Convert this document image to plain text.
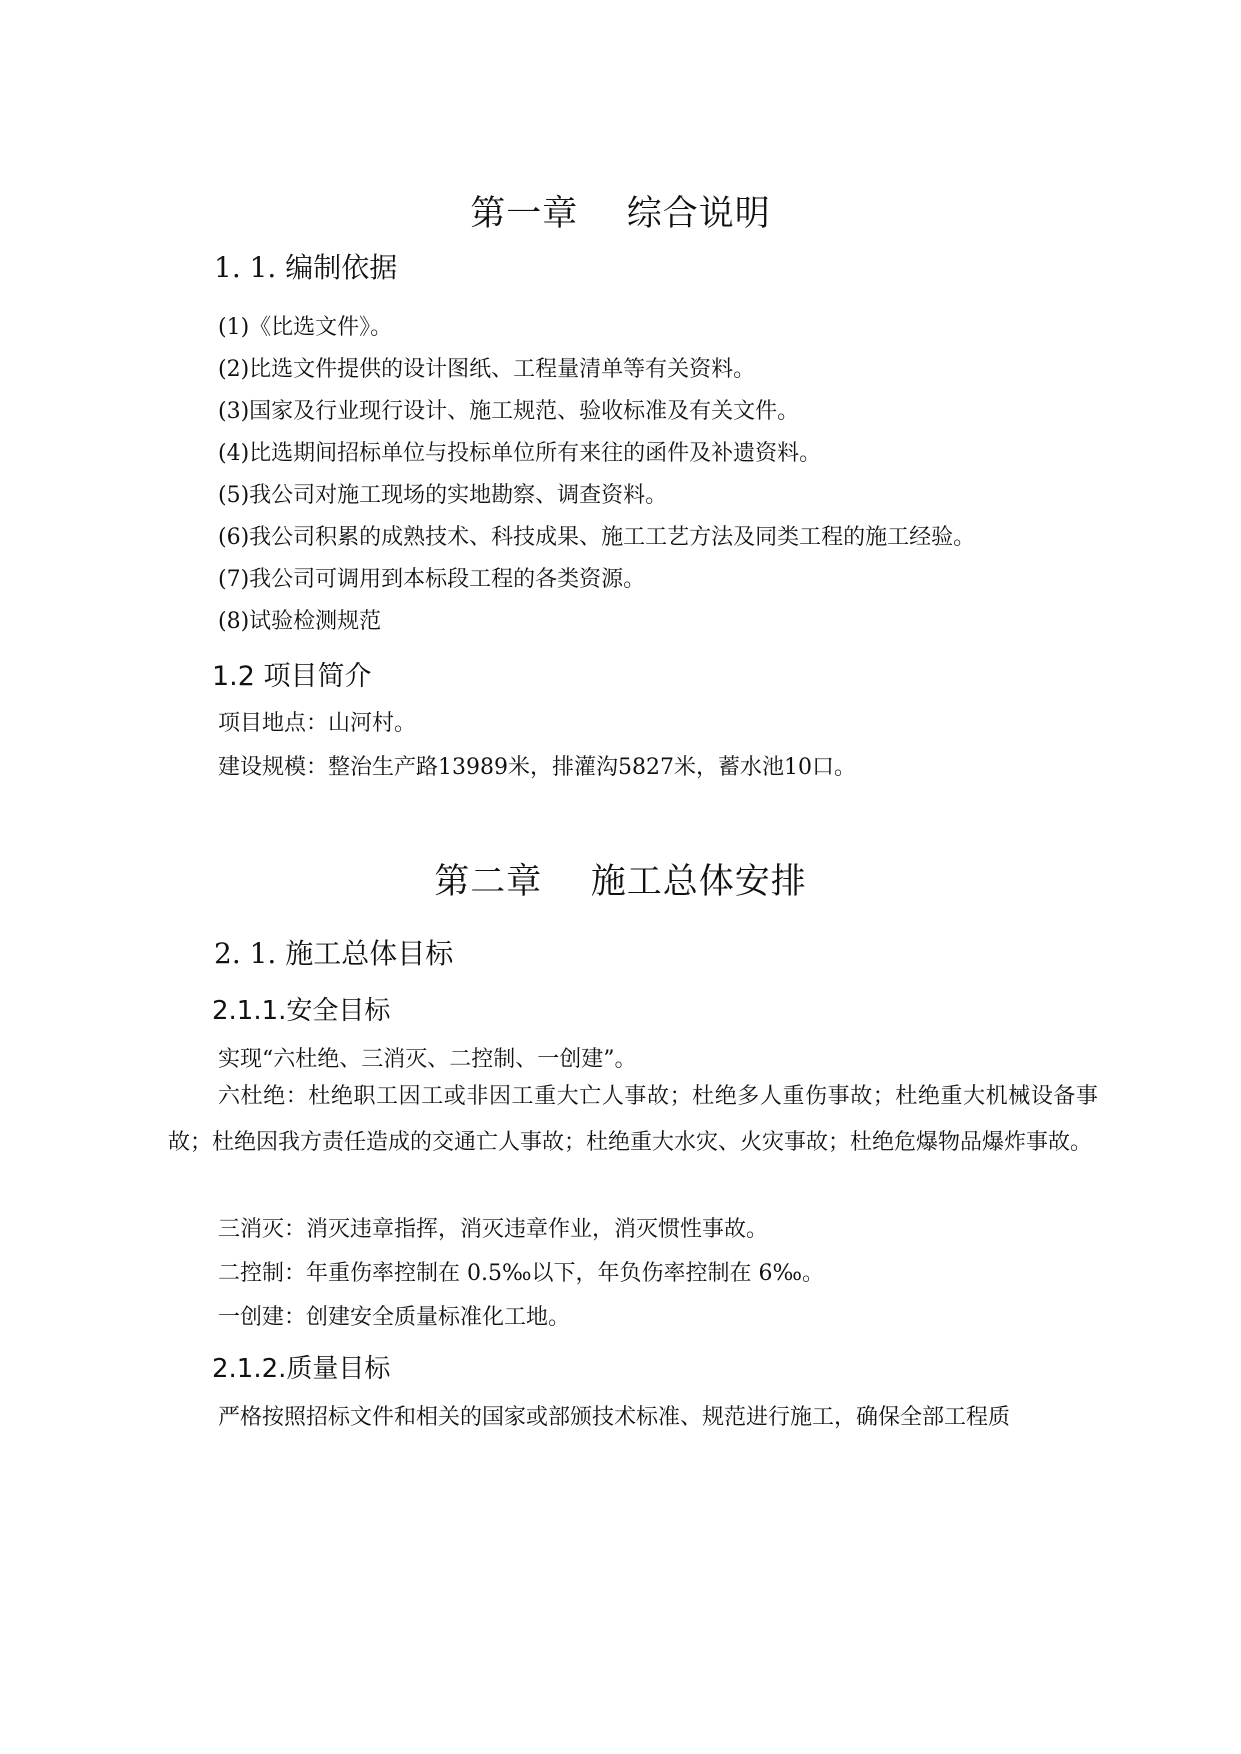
第一章    综合说明
1. 1. 编制依据

(1)《比选文件》。

(2)比选文件提供的设计图纸、工程量清单等有关资料。

(3)国家及行业现行设计、施工规范、验收标准及有关文件。

(4)比选期间招标单位与投标单位所有来往的函件及补遗资料。

(5)我公司对施工现场的实地勘察、调查资料。

(6)我公司积累的成熟技术、科技成果、施工工艺方法及同类工程的施工经验。

(7)我公司可调用到本标段工程的各类资源。

(8)试验检测规范

1.2 项目简介

项目地点：山河村。

建设规模：整治生产路13989米，排灌沟5827米，蓄水池10口。

第二章    施工总体安排
2. 1. 施工总体目标
2.1.1.安全目标

实现“六杜绝、三消灭、二控制、一创建”。

六杜绝：杜绝职工因工或非因工重大亡人事故；杜绝多人重伤事故；杜绝重大机械设备事故；杜绝因我方责任造成的交通亡人事故；杜绝重大水灾、火灾事故；杜绝危爆物品爆炸事故。

三消灭：消灭违章指挥，消灭违章作业，消灭惯性事故。

二控制：年重伤率控制在 0.5‰以下，年负伤率控制在 6‰。

一创建：创建安全质量标准化工地。

2.1.2.质量目标

严格按照招标文件和相关的国家或部颁技术标准、规范进行施工，确保全部工程质
